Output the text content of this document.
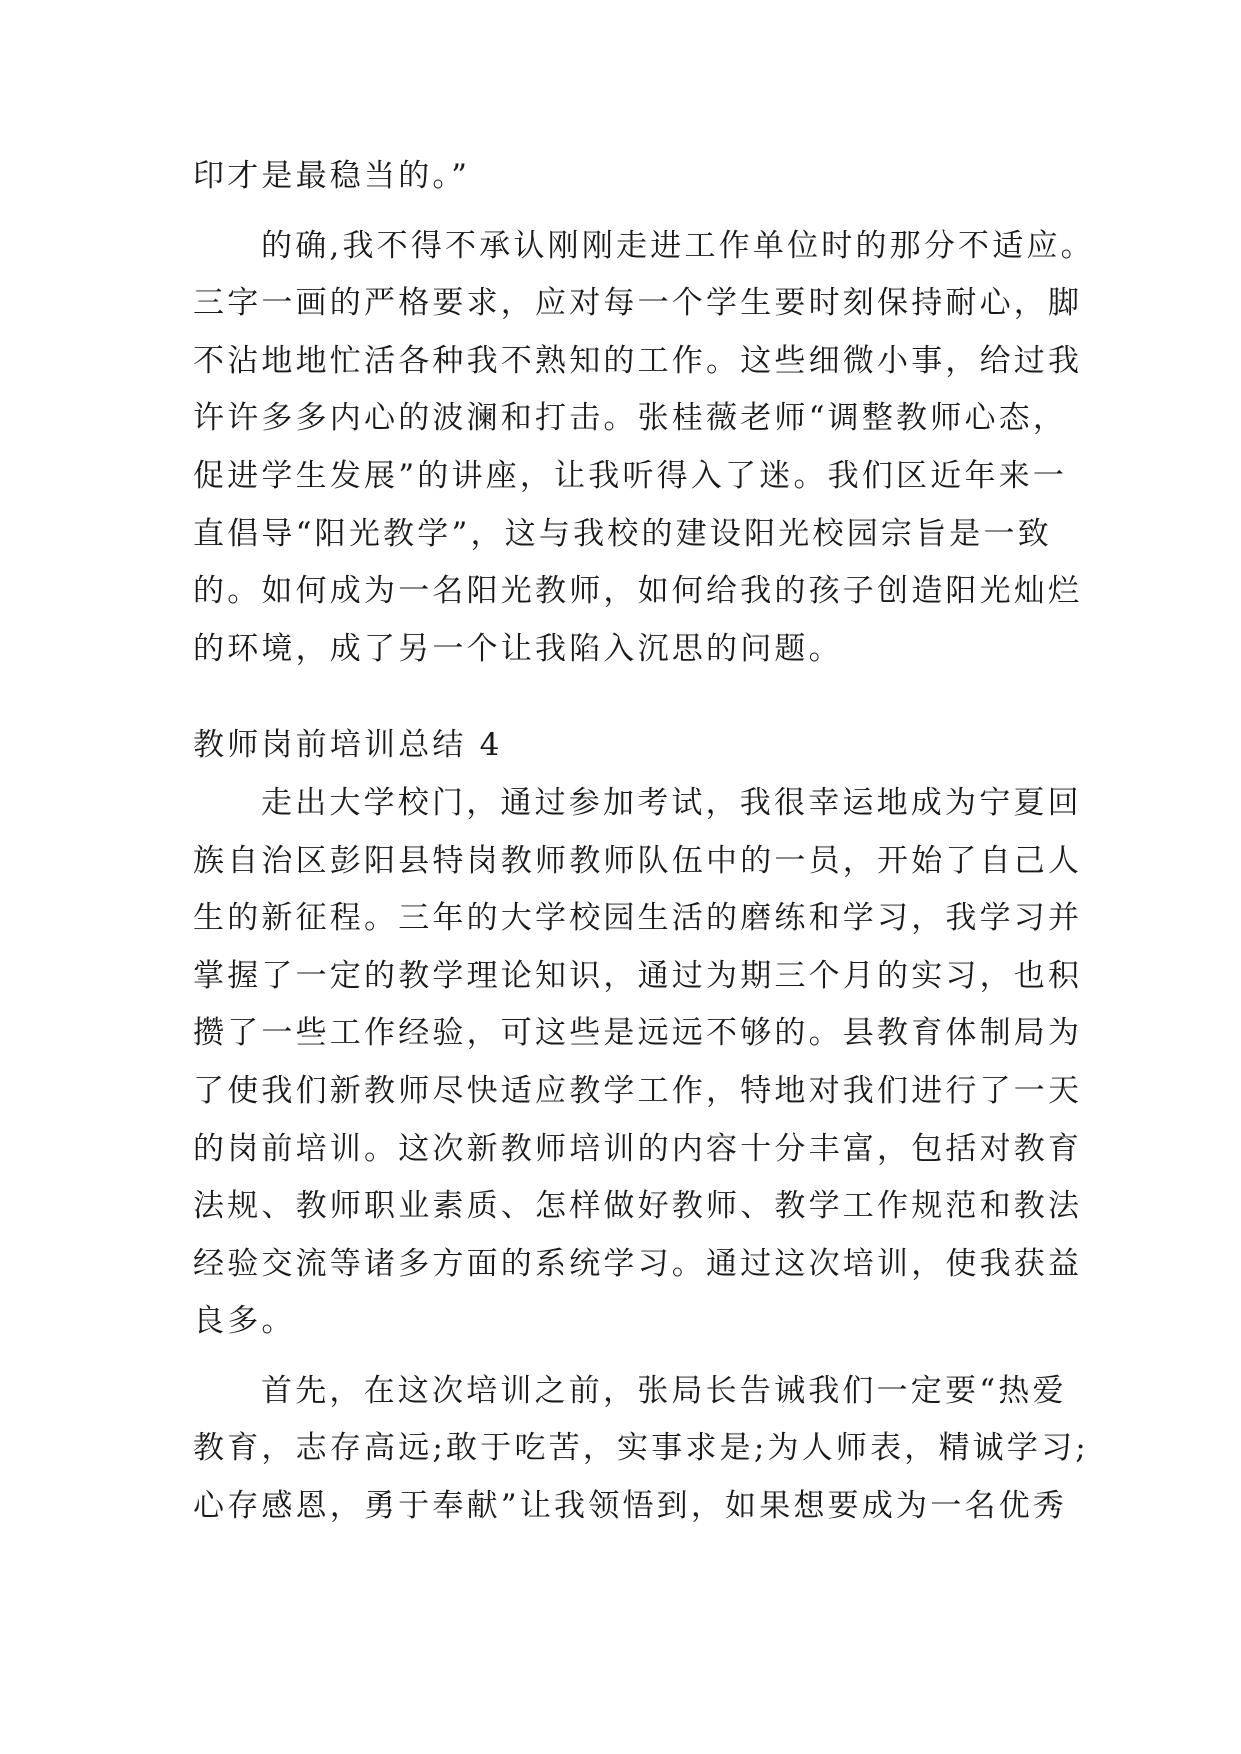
印才是最稳当的。”
的确,我不得不承认刚刚走进工作单位时的那分不适应。
三字一画的严格要求，应对每一个学生要时刻保持耐心，脚
不沾地地忙活各种我不熟知的工作。这些细微小事，给过我
许许多多内心的波澜和打击。张桂薇老师“调整教师心态，
促进学生发展”的讲座，让我听得入了迷。我们区近年来一
直倡导“阳光教学”，这与我校的建设阳光校园宗旨是一致
的。如何成为一名阳光教师，如何给我的孩子创造阳光灿烂
的环境，成了另一个让我陷入沉思的问题。
教师岗前培训总结 4
走出大学校门，通过参加考试，我很幸运地成为宁夏回
族自治区彭阳县特岗教师教师队伍中的一员，开始了自己人
生的新征程。三年的大学校园生活的磨练和学习，我学习并
掌握了一定的教学理论知识，通过为期三个月的实习，也积
攒了一些工作经验，可这些是远远不够的。县教育体制局为
了使我们新教师尽快适应教学工作，特地对我们进行了一天
的岗前培训。这次新教师培训的内容十分丰富，包括对教育
法规、教师职业素质、怎样做好教师、教学工作规范和教法
经验交流等诸多方面的系统学习。通过这次培训，使我获益
良多。
首先，在这次培训之前，张局长告诫我们一定要“热爱
教育，志存高远;敢于吃苦，实事求是;为人师表，精诚学习;
心存感恩，勇于奉献”让我领悟到，如果想要成为一名优秀
